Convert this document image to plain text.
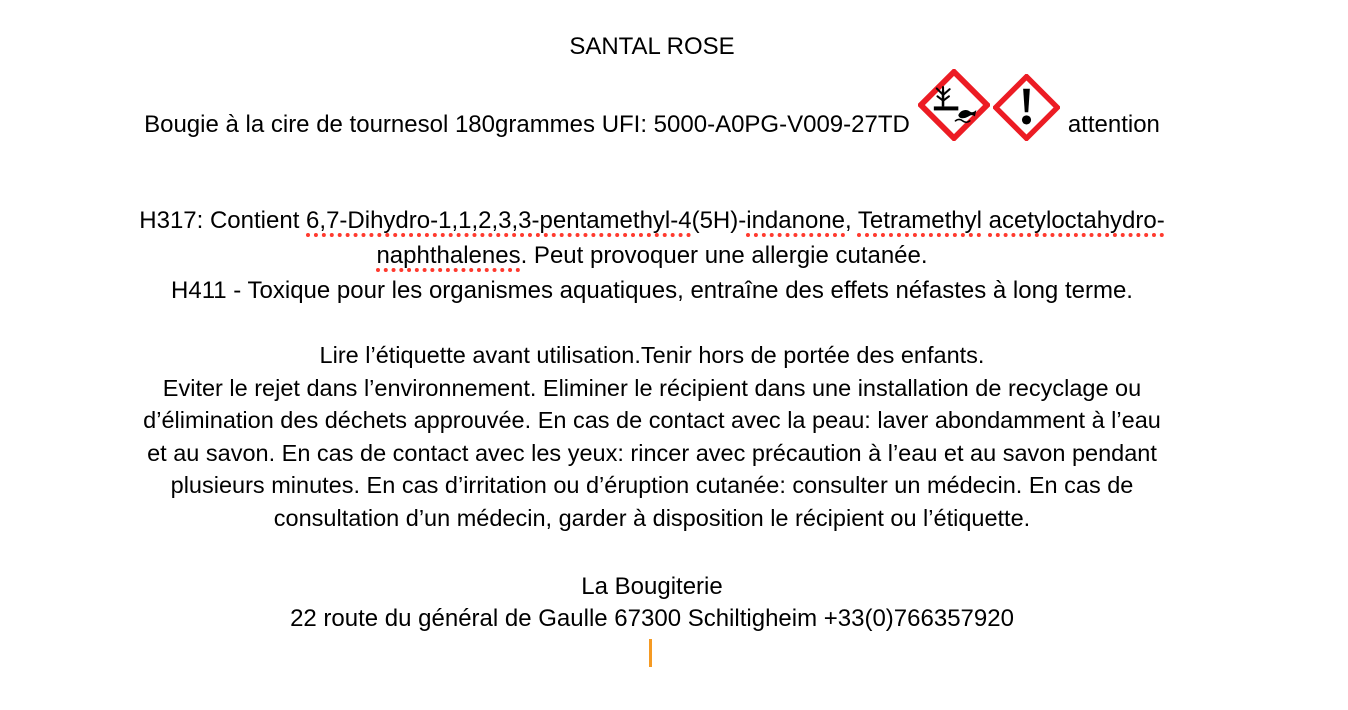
SANTAL ROSE
Bougie à la cire de tournesol 180grammes UFI: 5000-A0PG-V009-27TD	attention
H317: Contient 6,7-Dihydro-1,1,2,3,3-pentamethyl-4(5H)-indanone, Tetramethyl acetyloctahydro-
naphthalenes. Peut provoquer une allergie cutanée.
H411 - Toxique pour les organismes aquatiques, entraîne des effets néfastes à long terme.
Lire l’étiquette avant utilisation.Tenir hors de portée des enfants.
Eviter le rejet dans l’environnement. Eliminer le récipient dans une installation de recyclage ou
d’élimination des déchets approuvée. En cas de contact avec la peau: laver abondamment à l’eau
et au savon. En cas de contact avec les yeux: rincer avec précaution à l’eau et au savon pendant
plusieurs minutes. En cas d’irritation ou d’éruption cutanée: consulter un médecin. En cas de
consultation d’un médecin, garder à disposition le récipient ou l’étiquette.
La Bougiterie
22 route du général de Gaulle 67300 Schiltigheim +33(0)766357920
